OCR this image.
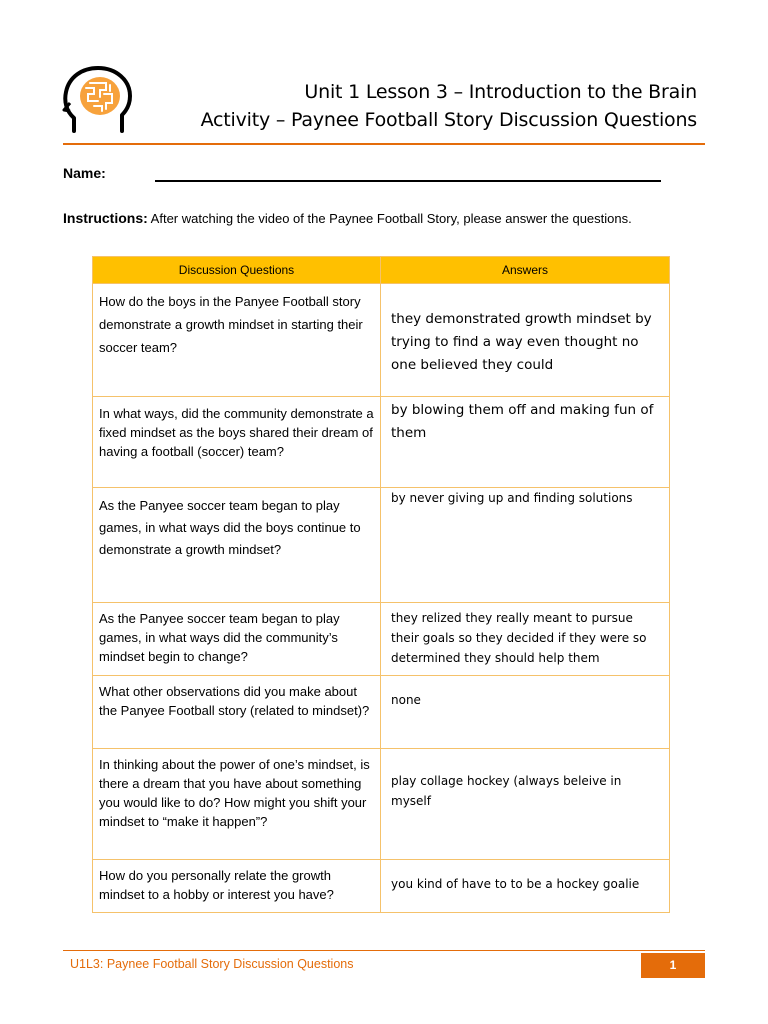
Unit 1 Lesson 3 – Introduction to the Brain
Activity – Paynee Football Story Discussion Questions
Name:
Instructions: After watching the video of the Paynee Football Story, please answer the questions.
Discussion Questions	Answers
How do the boys in the Panyee Football story demonstrate a growth mindset in starting their soccer team?	they demonstrated growth mindset by trying to find a way even thought no one believed they could

In what ways, did the community demonstrate a fixed mindset as the boys shared their dream of having a football (soccer) team?	by blowing them off and making fun of them

As the Panyee soccer team began to play games, in what ways did the boys continue to demonstrate a growth mindset?	by never giving up and finding solutions

As the Panyee soccer team began to play games, in what ways did the community’s mindset begin to change?	they relized they really meant to pursue their goals so they decided if they were so determined they should help them

What other observations did you make about the Panyee Football story (related to mindset)?	none

In thinking about the power of one’s mindset, is there a dream that you have about something you would like to do? How might you shift your mindset to “make it happen”?	play collage hockey (always beleive in myself

How do you personally relate the growth mindset to a hobby or interest you have?	you kind of have to to be a hockey goalie
U1L3: Paynee Football Story Discussion Questions	1
